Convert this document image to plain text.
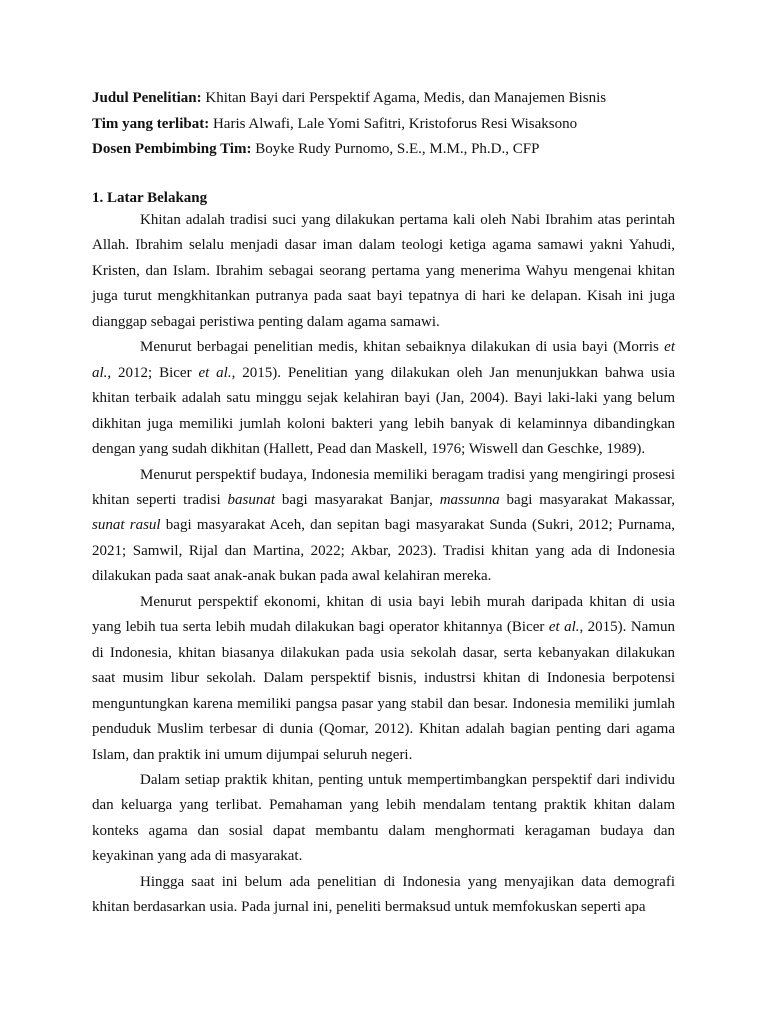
Judul Penelitian: Khitan Bayi dari Perspektif Agama, Medis, dan Manajemen Bisnis
Tim yang terlibat: Haris Alwafi, Lale Yomi Safitri, Kristoforus Resi Wisaksono
Dosen Pembimbing Tim: Boyke Rudy Purnomo, S.E., M.M., Ph.D., CFP
1. Latar Belakang

Khitan adalah tradisi suci yang dilakukan pertama kali oleh Nabi Ibrahim atas perintah Allah. Ibrahim selalu menjadi dasar iman dalam teologi ketiga agama samawi yakni Yahudi, Kristen, dan Islam. Ibrahim sebagai seorang pertama yang menerima Wahyu mengenai khitan juga turut mengkhitankan putranya pada saat bayi tepatnya di hari ke delapan. Kisah ini juga dianggap sebagai peristiwa penting dalam agama samawi.

Menurut berbagai penelitian medis, khitan sebaiknya dilakukan di usia bayi (Morris et al., 2012; Bicer et al., 2015). Penelitian yang dilakukan oleh Jan menunjukkan bahwa usia khitan terbaik adalah satu minggu sejak kelahiran bayi (Jan, 2004). Bayi laki-laki yang belum dikhitan juga memiliki jumlah koloni bakteri yang lebih banyak di kelaminnya dibandingkan dengan yang sudah dikhitan (Hallett, Pead dan Maskell, 1976; Wiswell dan Geschke, 1989).

Menurut perspektif budaya, Indonesia memiliki beragam tradisi yang mengiringi prosesi khitan seperti tradisi basunat bagi masyarakat Banjar, massunna bagi masyarakat Makassar, sunat rasul bagi masyarakat Aceh, dan sepitan bagi masyarakat Sunda (Sukri, 2012; Purnama, 2021; Samwil, Rijal dan Martina, 2022; Akbar, 2023). Tradisi khitan yang ada di Indonesia dilakukan pada saat anak-anak bukan pada awal kelahiran mereka.

Menurut perspektif ekonomi, khitan di usia bayi lebih murah daripada khitan di usia yang lebih tua serta lebih mudah dilakukan bagi operator khitannya (Bicer et al., 2015). Namun di Indonesia, khitan biasanya dilakukan pada usia sekolah dasar, serta kebanyakan dilakukan saat musim libur sekolah. Dalam perspektif bisnis, industrsi khitan di Indonesia berpotensi menguntungkan karena memiliki pangsa pasar yang stabil dan besar. Indonesia memiliki jumlah penduduk Muslim terbesar di dunia (Qomar, 2012). Khitan adalah bagian penting dari agama Islam, dan praktik ini umum dijumpai seluruh negeri.

Dalam setiap praktik khitan, penting untuk mempertimbangkan perspektif dari individu dan keluarga yang terlibat. Pemahaman yang lebih mendalam tentang praktik khitan dalam konteks agama dan sosial dapat membantu dalam menghormati keragaman budaya dan keyakinan yang ada di masyarakat.

Hingga saat ini belum ada penelitian di Indonesia yang menyajikan data demografi khitan berdasarkan usia. Pada jurnal ini, peneliti bermaksud untuk memfokuskan seperti apa
